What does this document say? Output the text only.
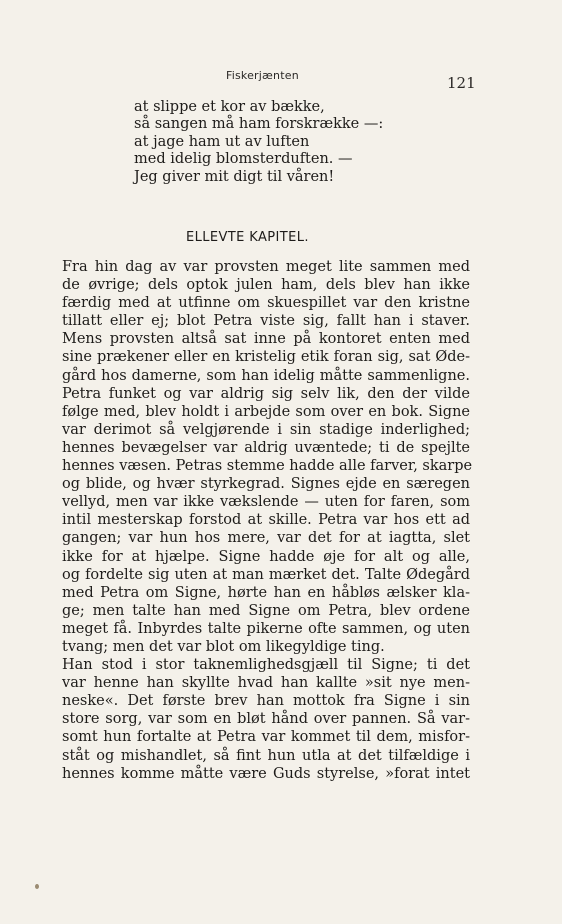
Fiskerjænten	121
at slippe et kor av bække,
så sangen må ham forskrække —:
at jage ham ut av luften
med idelig blomsterduften. —
Jeg giver mit digt til våren!
ELLEVTE KAPITEL.
Fra hin dag av var provsten meget lite sammen med
de øvrige; dels optok julen ham, dels blev han ikke
færdig med at utfinne om skuespillet var den kristne
tillatt eller ej; blot Petra viste sig, fallt han i staver.
Mens provsten altså sat inne på kontoret enten med
sine prækener eller en kristelig etik foran sig, sat Øde-
gård hos damerne, som han idelig måtte sammenligne.
Petra funket og var aldrig sig selv lik, den der vilde
følge med, blev holdt i arbejde som over en bok. Signe
var derimot så velgjørende i sin stadige inderlighed;
hennes bevægelser var aldrig uvæntede; ti de spejlte
hennes væsen. Petras stemme hadde alle farver, skarpe
og blide, og hvær styrkegrad. Signes ejde en særegen
vellyd, men var ikke vækslende — uten for faren, som
intil mesterskap forstod at skille. Petra var hos ett ad
gangen; var hun hos mere, var det for at iagtta, slet
ikke for at hjælpe. Signe hadde øje for alt og alle,
og fordelte sig uten at man mærket det. Talte Ødegård
med Petra om Signe, hørte han en håbløs ælsker kla-
ge; men talte han med Signe om Petra, blev ordene
meget få. Inbyrdes talte pikerne ofte sammen, og uten
tvang; men det var blot om likegyldige ting.
Han stod i stor taknemlighedsgjæll til Signe; ti det
var henne han skyllte hvad han kallte »sit nye men-
neske«. Det første brev han mottok fra Signe i sin
store sorg, var som en bløt hånd over pannen. Så var-
somt hun fortalte at Petra var kommet til dem, misfor-
ståt og mishandlet, så fint hun utla at det tilfældige i
hennes komme måtte være Guds styrelse, »forat intet
